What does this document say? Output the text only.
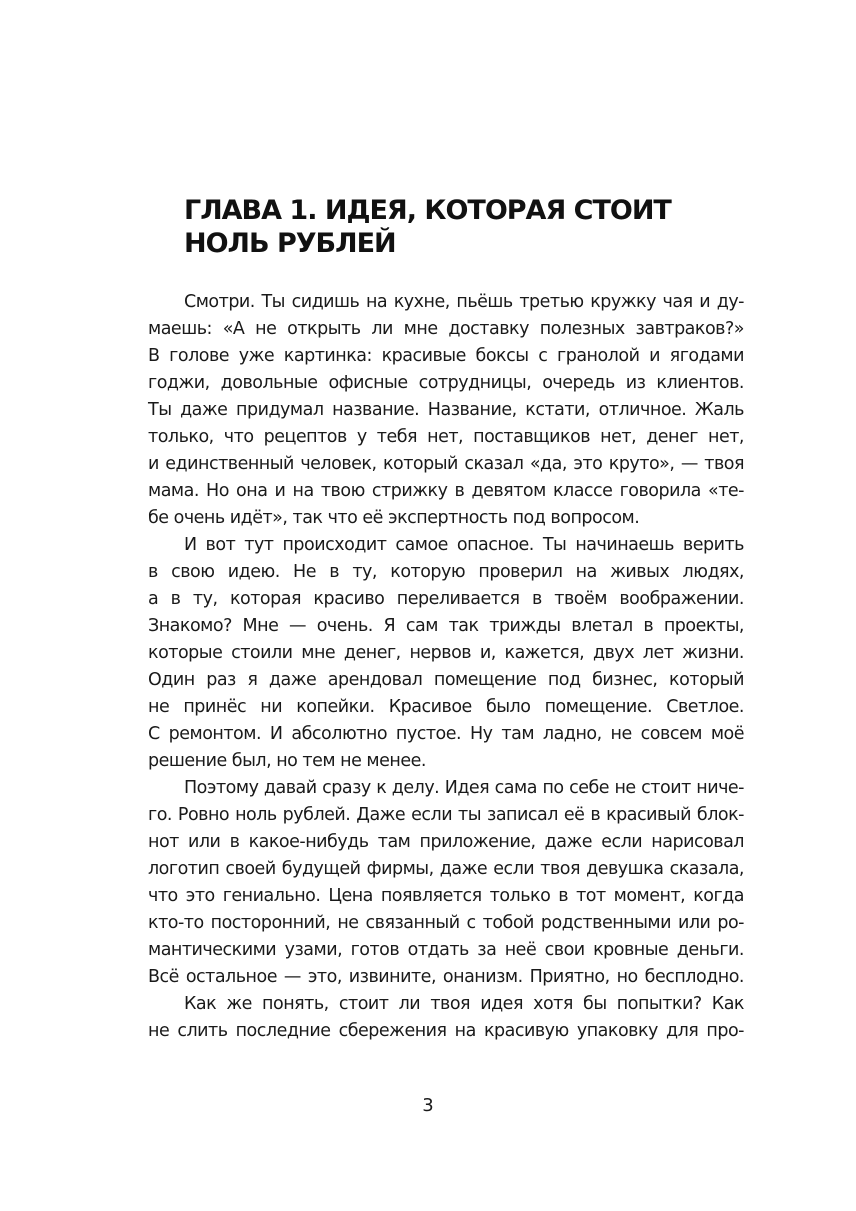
ГЛАВА 1. ИДЕЯ, КОТОРАЯ СТОИТ
НОЛЬ РУБЛЕЙ
Смотри. Ты сидишь на кухне, пьёшь третью кружку чая и ду-
маешь: «А не открыть ли мне доставку полезных завтраков?»
В голове уже картинка: красивые боксы с гранолой и ягодами
годжи, довольные офисные сотрудницы, очередь из клиентов.
Ты даже придумал название. Название, кстати, отличное. Жаль
только, что рецептов у тебя нет, поставщиков нет, денег нет,
и единственный человек, который сказал «да, это круто», — твоя
мама. Но она и на твою стрижку в девятом классе говорила «те-
бе очень идёт», так что её экспертность под вопросом.
И вот тут происходит самое опасное. Ты начинаешь верить
в свою идею. Не в ту, которую проверил на живых людях,
а в ту, которая красиво переливается в твоём воображении.
Знакомо? Мне — очень. Я сам так трижды влетал в проекты,
которые стоили мне денег, нервов и, кажется, двух лет жизни.
Один раз я даже арендовал помещение под бизнес, который
не принёс ни копейки. Красивое было помещение. Светлое.
С ремонтом. И абсолютно пустое. Ну там ладно, не совсем моё
решение был, но тем не менее.
Поэтому давай сразу к делу. Идея сама по себе не стоит ниче-
го. Ровно ноль рублей. Даже если ты записал её в красивый блок-
нот или в какое-нибудь там приложение, даже если нарисовал
логотип своей будущей фирмы, даже если твоя девушка сказала,
что это гениально. Цена появляется только в тот момент, когда
кто-то посторонний, не связанный с тобой родственными или ро-
мантическими узами, готов отдать за неё свои кровные деньги.
Всё остальное — это, извините, онанизм. Приятно, но бесплодно.
Как же понять, стоит ли твоя идея хотя бы попытки? Как
не слить последние сбережения на красивую упаковку для про-
3
